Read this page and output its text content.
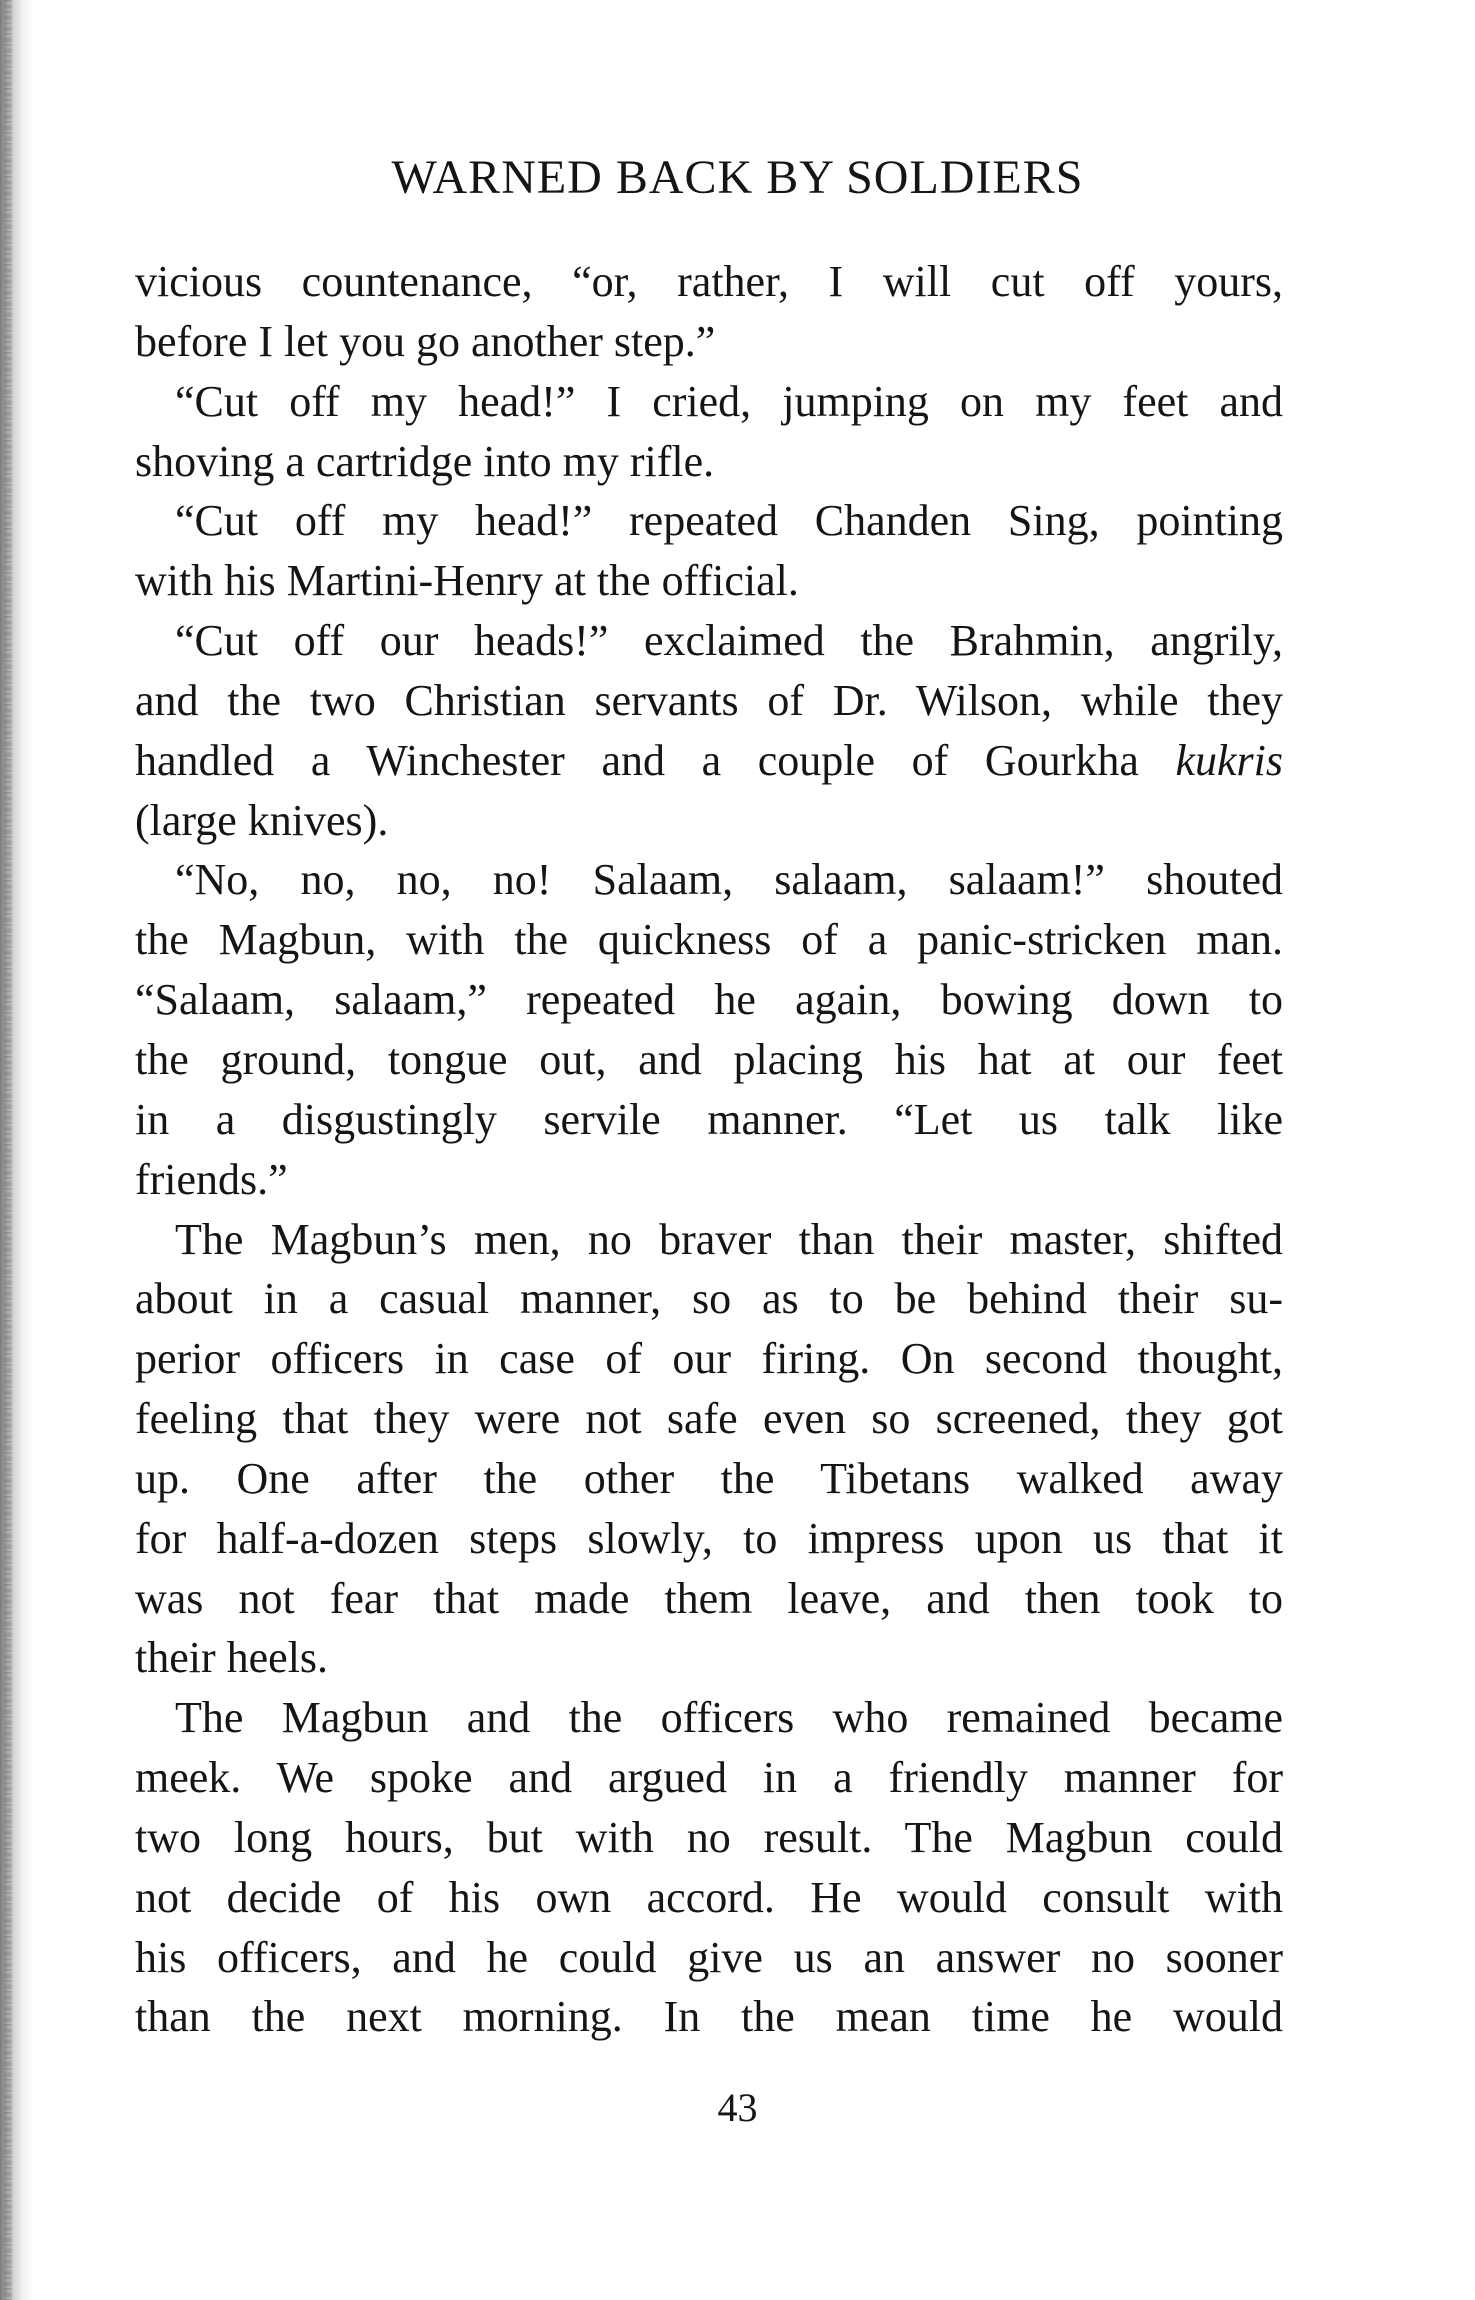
WARNED BACK BY SOLDIERS
vicious countenance, “or, rather, I will cut off yours,
before I let you go another step.”
“Cut off my head!” I cried, jumping on my feet and
shoving a cartridge into my rifle.
“Cut off my head!” repeated Chanden Sing, pointing
with his Martini-Henry at the official.
“Cut off our heads!” exclaimed the Brahmin, angrily,
and the two Christian servants of Dr. Wilson, while they
handled a Winchester and a couple of Gourkha kukris
(large knives).
“No, no, no, no! Salaam, salaam, salaam!” shouted
the Magbun, with the quickness of a panic-stricken man.
“Salaam, salaam,” repeated he again, bowing down to
the ground, tongue out, and placing his hat at our feet
in a disgustingly servile manner. “Let us talk like
friends.”
The Magbun’s men, no braver than their master, shifted
about in a casual manner, so as to be behind their su-
perior officers in case of our firing. On second thought,
feeling that they were not safe even so screened, they got
up. One after the other the Tibetans walked away
for half-a-dozen steps slowly, to impress upon us that it
was not fear that made them leave, and then took to
their heels.
The Magbun and the officers who remained became
meek. We spoke and argued in a friendly manner for
two long hours, but with no result. The Magbun could
not decide of his own accord. He would consult with
his officers, and he could give us an answer no sooner
than the next morning. In the mean time he would
43
